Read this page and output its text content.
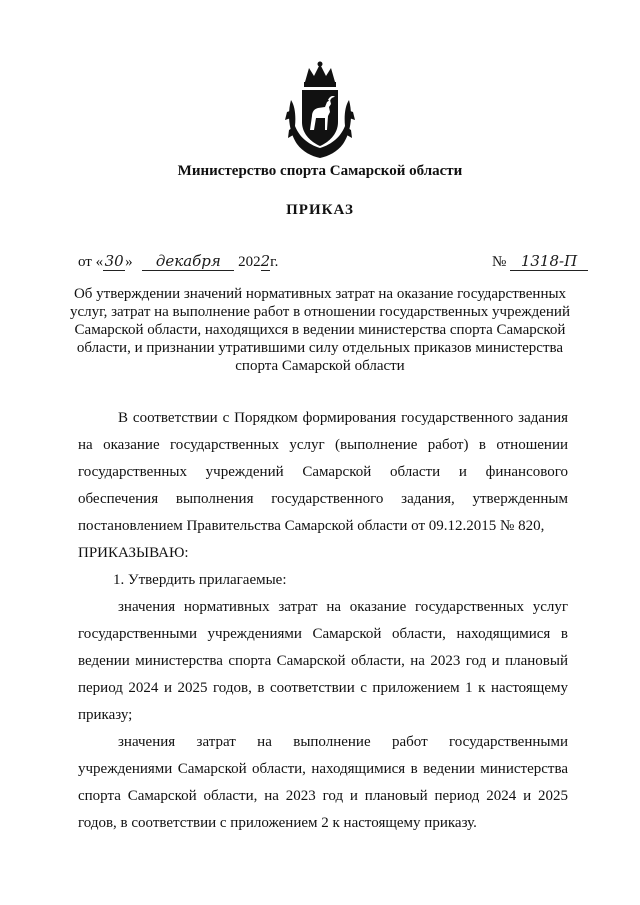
Министерство спорта Самарской области
ПРИКАЗ
от «30» декабря 2022г.	№ 1318-П
Об утверждении значений нормативных затрат на оказание государственных услуг, затрат на выполнение работ в отношении государственных учреждений Самарской области, находящихся в ведении министерства спорта Самарской области, и признании утратившими силу отдельных приказов министерства спорта Самарской области

В соответствии с Порядком формирования государственного задания на оказание государственных услуг (выполнение работ) в отношении государственных учреждений Самарской области и финансового обеспечения выполнения государственного задания, утвержденным постановлением Правительства Самарской области от 09.12.2015 № 820,

ПРИКАЗЫВАЮ:

1. Утвердить прилагаемые:

значения нормативных затрат на оказание государственных услуг государственными учреждениями Самарской области, находящимися в ведении министерства спорта Самарской области, на 2023 год и плановый период 2024 и 2025 годов, в соответствии с приложением 1 к настоящему приказу;

значения затрат на выполнение работ государственными учреждениями Самарской области, находящимися в ведении министерства спорта Самарской области, на 2023 год и плановый период 2024 и 2025 годов, в соответствии с приложением 2 к настоящему приказу.
